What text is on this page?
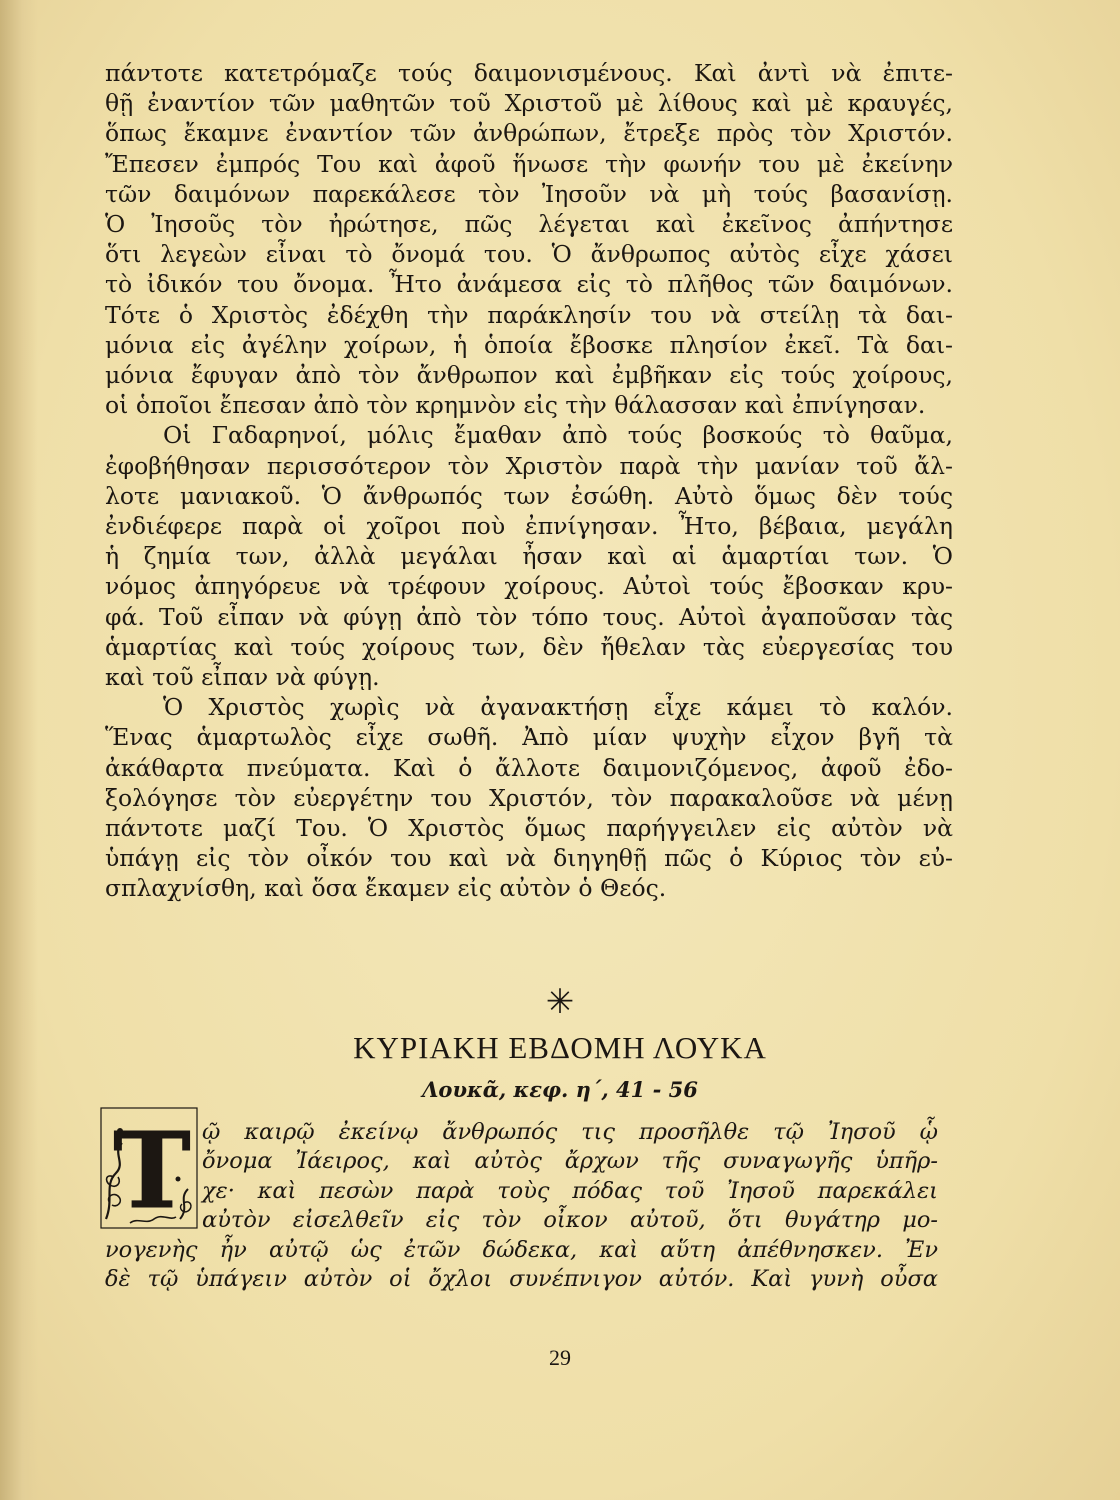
πάντοτε κατετρόμαζε τούς δαιμονισμένους. Καὶ ἀντὶ νὰ ἐπιτε-
θῇ ἐναντίον τῶν μαθητῶν τοῦ Χριστοῦ μὲ λίθους καὶ μὲ κραυγές,
ὅπως ἔκαμνε ἐναντίον τῶν ἀνθρώπων, ἔτρεξε πρὸς τὸν Χριστόν.
Ἔπεσεν ἐμπρός Του καὶ ἀφοῦ ἥνωσε τὴν φωνήν του μὲ ἐκείνην
τῶν δαιμόνων παρεκάλεσε τὸν Ἰησοῦν νὰ μὴ τούς βασανίσῃ.
Ὁ Ἰησοῦς τὸν ἠρώτησε, πῶς λέγεται καὶ ἐκεῖνος ἀπήντησε
ὅτι λεγεὼν εἶναι τὸ ὄνομά του. Ὁ ἄνθρωπος αὐτὸς εἶχε χάσει
τὸ ἰδικόν του ὄνομα. Ἦτο ἀνάμεσα εἰς τὸ πλῆθος τῶν δαιμόνων.
Τότε ὁ Χριστὸς ἐδέχθη τὴν παράκλησίν του νὰ στείλῃ τὰ δαι-
μόνια εἰς ἀγέλην χοίρων, ἡ ὁποία ἔβοσκε πλησίον ἐκεῖ. Τὰ δαι-
μόνια ἔφυγαν ἀπὸ τὸν ἄνθρωπον καὶ ἐμβῆκαν εἰς τούς χοίρους,
οἱ ὁποῖοι ἔπεσαν ἀπὸ τὸν κρημνὸν εἰς τὴν θάλασσαν καὶ ἐπνίγησαν.
Οἱ Γαδαρηνοί, μόλις ἔμαθαν ἀπὸ τούς βοσκούς τὸ θαῦμα,
ἐφοβήθησαν περισσότερον τὸν Χριστὸν παρὰ τὴν μανίαν τοῦ ἄλ-
λοτε μανιακοῦ. Ὁ ἄνθρωπός των ἐσώθη. Αὐτὸ ὅμως δὲν τούς
ἐνδιέφερε παρὰ οἱ χοῖροι ποὺ ἐπνίγησαν. Ἦτο, βέβαια, μεγάλη
ἡ ζημία των, ἀλλὰ μεγάλαι ἦσαν καὶ αἱ ἁμαρτίαι των. Ὁ
νόμος ἀπηγόρευε νὰ τρέφουν χοίρους. Αὐτοὶ τούς ἔβοσκαν κρυ-
φά. Τοῦ εἶπαν νὰ φύγῃ ἀπὸ τὸν τόπο τους. Αὐτοὶ ἀγαποῦσαν τὰς
ἁμαρτίας καὶ τούς χοίρους των, δὲν ἤθελαν τὰς εὐεργεσίας του
καὶ τοῦ εἶπαν νὰ φύγῃ.
Ὁ Χριστὸς χωρὶς νὰ ἀγανακτήσῃ εἶχε κάμει τὸ καλόν.
Ἕνας ἁμαρτωλὸς εἶχε σωθῆ. Ἀπὸ μίαν ψυχὴν εἶχον βγῆ τὰ
ἀκάθαρτα πνεύματα. Καὶ ὁ ἄλλοτε δαιμονιζόμενος, ἀφοῦ ἐδο-
ξολόγησε τὸν εὐεργέτην του Χριστόν, τὸν παρακαλοῦσε νὰ μένῃ
πάντοτε μαζί Του. Ὁ Χριστὸς ὅμως παρήγγειλεν εἰς αὐτὸν νὰ
ὑπάγῃ εἰς τὸν οἶκόν του καὶ νὰ διηγηθῇ πῶς ὁ Κύριος τὸν εὐ-
σπλαχνίσθη, καὶ ὅσα ἔκαμεν εἰς αὐτὸν ὁ Θεός.
✳
ΚΥΡΙΑΚΗ ΕΒΔΟΜΗ ΛΟΥΚΑ
Λουκᾶ, κεφ. η΄, 41 - 56
Τ ῷ καιρῷ ἐκείνῳ ἄνθρωπός τις προσῆλθε τῷ Ἰησοῦ ᾧ
ὄνομα Ἰάειρος, καὶ αὐτὸς ἄρχων τῆς συναγωγῆς ὑπῆρ-
χε· καὶ πεσὼν παρὰ τοὺς πόδας τοῦ Ἰησοῦ παρεκάλει
αὐτὸν εἰσελθεῖν εἰς τὸν οἶκον αὐτοῦ, ὅτι θυγάτηρ μο-
νογενὴς ἦν αὐτῷ ὡς ἐτῶν δώδεκα, καὶ αὕτη ἀπέθνησκεν. Ἐν
δὲ τῷ ὑπάγειν αὐτὸν οἱ ὄχλοι συνέπνιγον αὐτόν. Καὶ γυνὴ οὖσα
29
